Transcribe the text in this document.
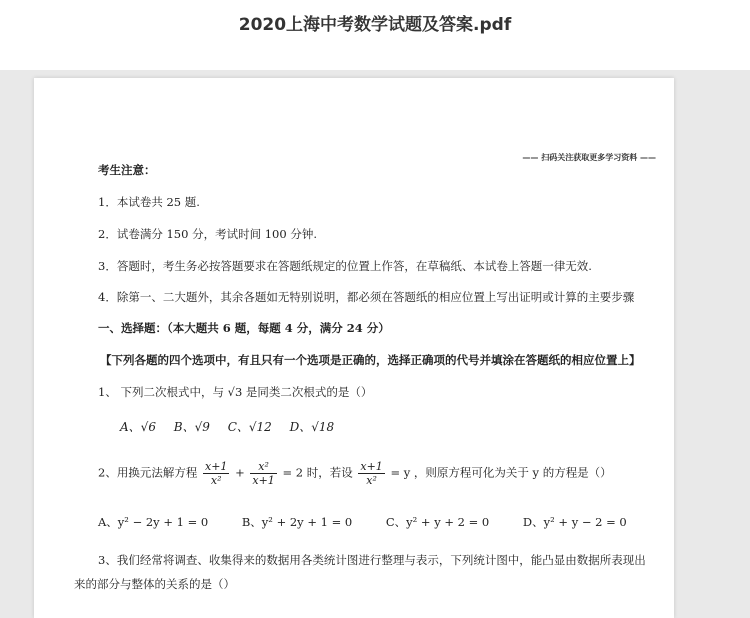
2020上海中考数学试题及答案.pdf
—— 扫码关注获取更多学习资料 ——
考生注意：
1．本试卷共 25 题.
2．试卷满分 150 分，考试时间 100 分钟.
3．答题时，考生务必按答题要求在答题纸规定的位置上作答，在草稿纸、本试卷上答题一律无效.
4．除第一、二大题外，其余各题如无特别说明，都必须在答题纸的相应位置上写出证明或计算的主要步骤
一、选择题：（本大题共 6 题，每题 4 分，满分 24 分）
【下列各题的四个选项中，有且只有一个选项是正确的，选择正确项的代号并填涂在答题纸的相应位置上】
1、 下列二次根式中，与 √3 是同类二次根式的是（）
A、√6 B、√9 C、√12 D、√18
2、用换元法解方程 $\frac{x+1}{\text{x²}} + \frac{\text{x²}}{x+1} = 2$ 时，若设 $\frac{x+1}{\text{x²}} = y$ ，则原方程可化为关于 y 的方程是（）
A、y² − 2y + 1 = 0	B、y² + 2y + 1 = 0	C、y² + y + 2 = 0	D、y² + y − 2 = 0
3、我们经常将调查、收集得来的数据用各类统计图进行整理与表示，下列统计图中，能凸显由数据所表现出
来的部分与整体的关系的是（）
